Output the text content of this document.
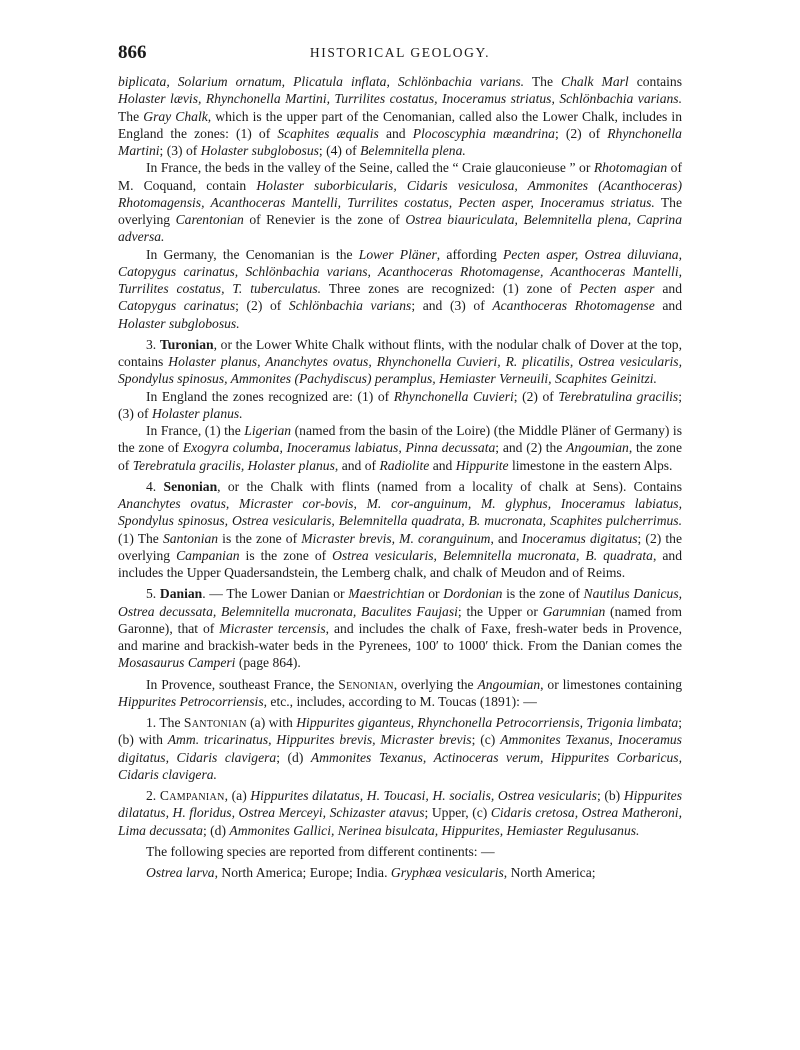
866	HISTORICAL GEOLOGY.

biplicata, Solarium ornatum, Plicatula inflata, Schlönbachia varians. The Chalk Marl contains Holaster lævis, Rhynchonella Martini, Turrilites costatus, Inoceramus striatus, Schlönbachia varians. The Gray Chalk, which is the upper part of the Cenomanian, called also the Lower Chalk, includes in England the zones: (1) of Scaphites æqualis and Plocoscyphia mæandrina; (2) of Rhynchonella Martini; (3) of Holaster subglobosus; (4) of Belemnitella plena.

In France, the beds in the valley of the Seine, called the “ Craie glauconieuse ” or Rhotomagian of M. Coquand, contain Holaster suborbicularis, Cidaris vesiculosa, Ammonites (Acanthoceras) Rhotomagensis, Acanthoceras Mantelli, Turrilites costatus, Pecten asper, Inoceramus striatus. The overlying Carentonian of Renevier is the zone of Ostrea biauriculata, Belemnitella plena, Caprina adversa.

In Germany, the Cenomanian is the Lower Pläner, affording Pecten asper, Ostrea diluviana, Catopygus carinatus, Schlönbachia varians, Acanthoceras Rhotomagense, Acanthoceras Mantelli, Turrilites costatus, T. tuberculatus. Three zones are recognized: (1) zone of Pecten asper and Catopygus carinatus; (2) of Schlönbachia varians; and (3) of Acanthoceras Rhotomagense and Holaster subglobosus.

3. Turonian, or the Lower White Chalk without flints, with the nodular chalk of Dover at the top, contains Holaster planus, Ananchytes ovatus, Rhynchonella Cuvieri, R. plicatilis, Ostrea vesicularis, Spondylus spinosus, Ammonites (Pachydiscus) peramplus, Hemiaster Verneuili, Scaphites Geinitzi.

In England the zones recognized are: (1) of Rhynchonella Cuvieri; (2) of Terebratulina gracilis; (3) of Holaster planus.

In France, (1) the Ligerian (named from the basin of the Loire) (the Middle Pläner of Germany) is the zone of Exogyra columba, Inoceramus labiatus, Pinna decussata; and (2) the Angoumian, the zone of Terebratula gracilis, Holaster planus, and of Radiolite and Hippurite limestone in the eastern Alps.

4. Senonian, or the Chalk with flints (named from a locality of chalk at Sens). Contains Ananchytes ovatus, Micraster cor-bovis, M. cor-anguinum, M. glyphus, Inoceramus labiatus, Spondylus spinosus, Ostrea vesicularis, Belemnitella quadrata, B. mucronata, Scaphites pulcherrimus. (1) The Santonian is the zone of Micraster brevis, M. coranguinum, and Inoceramus digitatus; (2) the overlying Campanian is the zone of Ostrea vesicularis, Belemnitella mucronata, B. quadrata, and includes the Upper Quadersandstein, the Lemberg chalk, and chalk of Meudon and of Reims.

5. Danian. — The Lower Danian or Maestrichtian or Dordonian is the zone of Nautilus Danicus, Ostrea decussata, Belemnitella mucronata, Baculites Faujasi; the Upper or Garumnian (named from Garonne), that of Micraster tercensis, and includes the chalk of Faxe, fresh-water beds in Provence, and marine and brackish-water beds in the Pyrenees, 100′ to 1000′ thick. From the Danian comes the Mosasaurus Camperi (page 864).

In Provence, southeast France, the Senonian, overlying the Angoumian, or limestones containing Hippurites Petrocorriensis, etc., includes, according to M. Toucas (1891): —

1. The Santonian (a) with Hippurites giganteus, Rhynchonella Petrocorriensis, Trigonia limbata; (b) with Amm. tricarinatus, Hippurites brevis, Micraster brevis; (c) Ammonites Texanus, Inoceramus digitatus, Cidaris clavigera; (d) Ammonites Texanus, Actinoceras verum, Hippurites Corbaricus, Cidaris clavigera.

2. Campanian, (a) Hippurites dilatatus, H. Toucasi, H. socialis, Ostrea vesicularis; (b) Hippurites dilatatus, H. floridus, Ostrea Merceyi, Schizaster atavus; Upper, (c) Cidaris cretosa, Ostrea Matheroni, Lima decussata; (d) Ammonites Gallici, Nerinea bisulcata, Hippurites, Hemiaster Regulusanus.

The following species are reported from different continents: —

Ostrea larva, North America; Europe; India. Gryphæa vesicularis, North America;
